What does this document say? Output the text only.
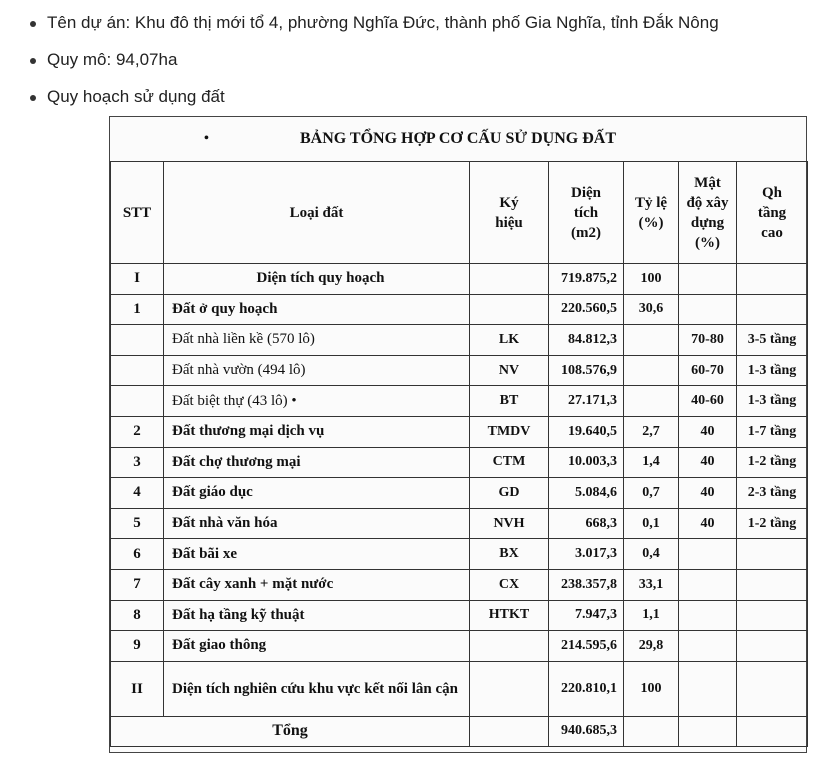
Tên dự án: Khu đô thị mới tổ 4, phường Nghĩa Đức, thành phố Gia Nghĩa, tỉnh Đắk Nông
Quy mô: 94,07ha
Quy hoạch sử dụng đất
•	BẢNG TỔNG HỢP CƠ CẤU SỬ DỤNG ĐẤT
STT	Loại đất	Ký hiệu	Diện tích (m2)	Tỷ lệ (%)	Mật độ xây dựng (%)	Qh tầng cao
I	Diện tích quy hoạch		719.875,2	100		
1	Đất ở quy hoạch		220.560,5	30,6		
	Đất nhà liền kề (570 lô)	LK	84.812,3		70-80	3-5 tầng
	Đất nhà vườn (494 lô)	NV	108.576,9		60-70	1-3 tầng
	Đất biệt thự (43 lô) •	BT	27.171,3		40-60	1-3 tầng
2	Đất thương mại dịch vụ	TMDV	19.640,5	2,7	40	1-7 tầng
3	Đất chợ thương mại	CTM	10.003,3	1,4	40	1-2 tầng
4	Đất giáo dục	GD	5.084,6	0,7	40	2-3 tầng
5	Đất nhà văn hóa	NVH	668,3	0,1	40	1-2 tầng
6	Đất bãi xe	BX	3.017,3	0,4		
7	Đất cây xanh + mặt nước	CX	238.357,8	33,1		
8	Đất hạ tầng kỹ thuật	HTKT	7.947,3	1,1		
9	Đất giao thông		214.595,6	29,8		
II	Diện tích nghiên cứu khu vực kết nối lân cận		220.810,1	100		
Tổng			940.685,3			
